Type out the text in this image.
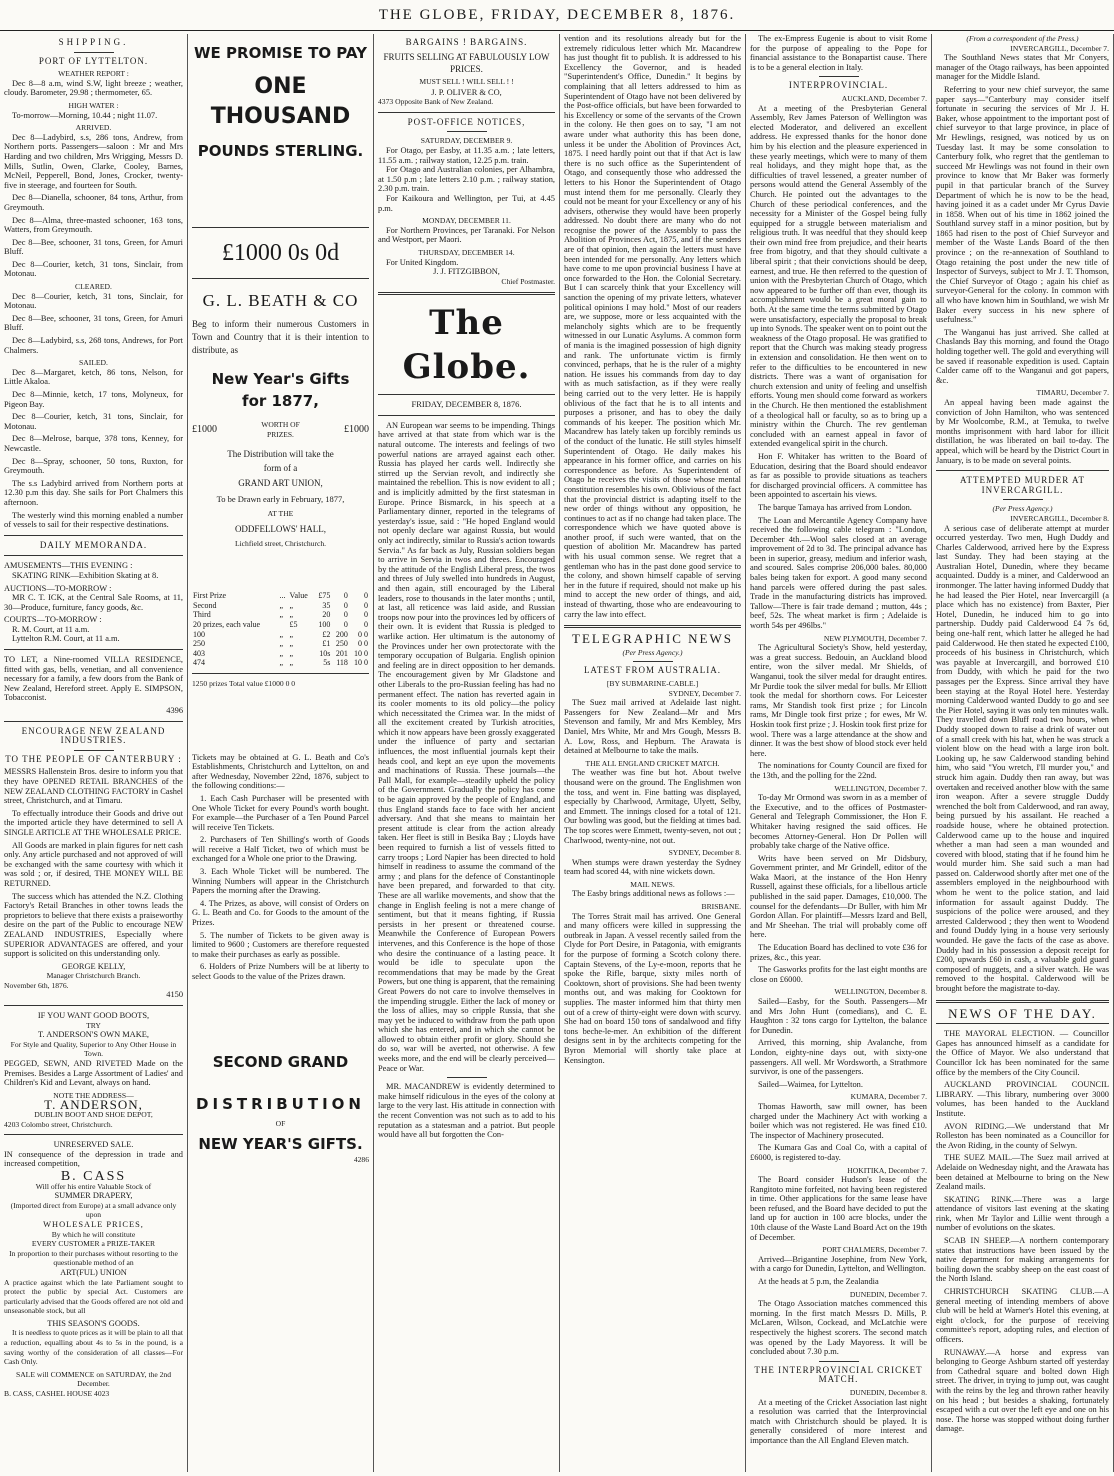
THE GLOBE, FRIDAY, DECEMBER 8, 1876.
SHIPPING.
PORT OF LYTTELTON.
WEATHER REPORT :

Dec 8—8 a.m, wind S.W, light breeze ; weather, cloudy. Barometer, 29.98 ; thermometer, 65.

HIGH WATER :

To-morrow—Morning, 10.44 ; night 11.07.

ARRIVED.

Dec 8—Ladybird, s.s, 286 tons, Andrew, from Northern ports. Passengers—saloon : Mr and Mrs Harding and two children, Mrs Wrigging, Messrs D. Mills, Sutlin, Owen, Clarke, Cooley, Barnes, McNeil, Pepperell, Bond, Jones, Crocker, twenty-five in steerage, and fourteen for South.

Dec 8—Dianella, schooner, 84 tons, Arthur, from Greymouth.

Dec 8—Alma, three-masted schooner, 163 tons, Watters, from Greymouth.

Dec 8—Bee, schooner, 31 tons, Green, for Amuri Bluff.

Dec 8—Courier, ketch, 31 tons, Sinclair, from Motonau.

CLEARED.

Dec 8—Courier, ketch, 31 tons, Sinclair, for Motonau.

Dec 8—Bee, schooner, 31 tons, Green, for Amuri Bluff.

Dec 8—Ladybird, s.s, 268 tons, Andrews, for Port Chalmers.

SAILED.

Dec 8—Margaret, ketch, 86 tons, Nelson, for Little Akaloa.

Dec 8—Minnie, ketch, 17 tons, Molyneux, for Pigeon Bay.

Dec 8—Courier, ketch, 31 tons, Sinclair, for Motonau.

Dec 8—Melrose, barque, 378 tons, Kenney, for Newcastle.

Dec 8—Spray, schooner, 50 tons, Ruxton, for Greymouth.

The s.s Ladybird arrived from Northern ports at 12.30 p.m this day. She sails for Port Chalmers this afternoon.

The westerly wind this morning enabled a number of vessels to sail for their respective destinations.

DAILY MEMORANDA.
AMUSEMENTS—THIS EVENING :

SKATING RINK—Exhibition Skating at 8.

AUCTIONS—TO-MORROW :

MR C. T. ICK, at the Central Sale Rooms, at 11, 30—Produce, furniture, fancy goods, &c.

COURTS—TO-MORROW :

R. M. Court, at 11 a.m.

Lyttelton R.M. Court, at 11 a.m.

TO LET, a Nine-roomed VILLA RESIDENCE, fitted with gas, bells, venetian, and all convenience necessary for a family, a few doors from the Bank of New Zealand, Hereford street. Apply E. SIMPSON, Tobacconist.

4396
ENCOURAGE NEW ZEALAND INDUSTRIES.
TO THE PEOPLE OF CANTERBURY :

MESSRS Hallenstein Bros. desire to inform you that they have OPENED RETAIL BRANCHES of the NEW ZEALAND CLOTHING FACTORY in Cashel street, Christchurch, and at Timaru.

To effectually introduce their Goods and drive out the imported article they have determined to sell A SINGLE ARTICLE AT THE WHOLESALE PRICE.

All Goods are marked in plain figures for nett cash only. Any article purchased and not approved of will be exchanged with the same courtesy with which it was sold ; or, if desired, THE MONEY WILL BE RETURNED.

The success which has attended the N.Z. Clothing Factory's Retail Branches in other towns leads the proprietors to believe that there exists a praiseworthy desire on the part of the Public to encourage NEW ZEALAND INDUSTRIES, Especially where SUPERIOR ADVANTAGES are offered, and your support is solicited on this understanding only.

GEORGE KELLY,
Manager Christchurch Branch.
November 6th, 1876.
4150
IF YOU WANT GOOD BOOTS,
TRY
T. ANDERSON'S OWN MAKE,
For Style and Quality, Superior to Any Other House in Town.

PEGGED, SEWN, AND RIVETED Made on the Premises. Besides a Large Assortment of Ladies' and Children's Kid and Levant, always on hand.

NOTE THE ADDRESS—
T. ANDERSON,
DUBLIN BOOT AND SHOE DEPOT,
4203 Colombo street, Christchurch.
UNRESERVED SALE.

IN consequence of the depression in trade and increased competition,

B. CASS
Will offer his entire Valuable Stock of
SUMMER DRAPERY,
(Imported direct from Europe) at a small advance only upon
WHOLESALE PRICES,
By which he will constitute
EVERY CUSTOMER a PRIZE-TAKER
In proportion to their purchases without resorting to the questionable method of an
ART(FUL) UNION

A practice against which the late Parliament sought to protect the public by special Act. Customers are particularly advised that the Goods offered are not old and unseasonable stock, but all

THIS SEASON'S GOODS.

It is needless to quote prices as it will be plain to all that a reduction, equalling about 4s to 5s in the pound, is a saving worthy of the consideration of all classes—For Cash Only.

SALE will COMMENCE on SATURDAY, the 2nd December.
B. CASS, CASHEL HOUSE 4023
WE PROMISE TO PAY
ONE THOUSAND
POUNDS STERLING.
£1000 0s 0d
G. L. BEATH & CO

Beg to inform their numerous Customers in Town and Country that it is their intention to distribute, as

New Year's Gifts
for 1877,
£1000	WORTH OF PRIZES.	£1000
The Distribution will take the
form of a
GRAND ART UNION,
To be Drawn early in February, 1877,
AT THE
ODDFELLOWS' HALL,
Lichfield street, Christchurch.
First Prize	...	Value	£75	0	0
Second	„	„	35	0	0
Third	„	„	20	0	0
20 prizes, each value		£5	100	0	0
100	„	„	£2	200	0 0
250	„	„	£1	250	0 0
403	„	„	10s	201	10 0
474	„	„	5s	118	10 0
1250 prizes Total value £1000 0 0

Tickets may be obtained at G. L. Beath and Co's Establishments, Christchurch and Lyttelton, on and after Wednesday, November 22nd, 1876, subject to the following conditions:—

1. Each Cash Purchaser will be presented with One Whole Ticket for every Pound's worth bought. For example—the Purchaser of a Ten Pound Parcel will receive Ten Tickets.

2. Purchasers of Ten Shilling's worth of Goods will receive a Half Ticket, two of which must be exchanged for a Whole one prior to the Drawing.

3. Each Whole Ticket will be numbered. The Winning Numbers will appear in the Christchurch Papers the morning after the Drawing.

4. The Prizes, as above, will consist of Orders on G. L. Beath and Co. for Goods to the amount of the Prizes.

5. The number of Tickets to be given away is limited to 9600 ; Customers are therefore requested to make their purchases as early as possible.

6. Holders of Prize Numbers will be at liberty to select Goods to the value of the Prizes drawn.

SECOND GRAND
DISTRIBUTION
OF
NEW YEAR'S GIFTS.
4286
BARGAINS ! BARGAINS.
FRUITS SELLING AT FABULOUSLY LOW PRICES.
MUST SELL ! WILL SELL ! !
J. P. OLIVER & CO,
4373 Opposite Bank of New Zealand.
POST-OFFICE NOTICES,
SATURDAY, DECEMBER 9.

For Otago, per Easby, at 11.35 a.m. ; late letters, 11.55 a.m. ; railway station, 12.25 p.m. train.

For Otago and Australian colonies, per Alhambra, at 1.50 p.m ; late letters 2.10 p.m. ; railway station, 2.30 p.m. train.

For Kaikoura and Wellington, per Tui, at 4.45 p.m.

MONDAY, DECEMBER 11.

For Northern Provinces, per Taranaki. For Nelson and Westport, per Maori.

THURSDAY, DECEMBER 14.

For United Kingdom.

J. J. FITZGIBBON,
Chief Postmaster.
The Globe.
FRIDAY, DECEMBER 8, 1876.

AN European war seems to be impending. Things have arrived at that state from which war is the natural outcome. The interests and feelings of two powerful nations are arrayed against each other. Russia has played her cards well. Indirectly she stirred up the Servian revolt, and indirectly she maintained the rebellion. This is now evident to all ; and is implicitly admitted by the first statesman in Europe. Prince Bismarck, in his speech at a Parliamentary dinner, reported in the telegrams of yesterday's issue, said : "He hoped England would not openly declare war against Russia, but would only act indirectly, similar to Russia's action towards Servia." As far back as July, Russian soldiers began to arrive in Servia in twos and threes. Encouraged by the attitude of the English Liberal press, the twos and threes of July swelled into hundreds in August, and then again, still encouraged by the Liberal leaders, rose to thousands in the later months ; until, at last, all reticence was laid aside, and Russian troops now pour into the provinces led by officers of their own. It is evident that Russia is pledged to warlike action. Her ultimatum is the autonomy of the Provinces under her own protectorate with the temporary occupation of Bulgaria. English opinion and feeling are in direct opposition to her demands. The encouragement given by Mr Gladstone and other Liberals to the pro-Russian feeling has had no permanent effect. The nation has reverted again in its cooler moments to its old policy—the policy which necessitated the Crimea war. In the midst of all the excitement created by Turkish atrocities, which it now appears have been grossly exaggerated under the influence of party and sectarian influences, the most influential journals kept their heads cool, and kept an eye upon the movements and machinations of Russia. These journals—the Pall Mall, for example—steadily upheld the policy of the Government. Gradually the policy has come to be again approved by the people of England, and thus England stands face to face with her ancient adversary. And that she means to maintain her present attitude is clear from the action already taken. Her fleet is still in Besika Bay ; Lloyds have been required to furnish a list of vessels fitted to carry troops ; Lord Napier has been directed to hold himself in readiness to assume the command of the army ; and plans for the defence of Constantinople have been prepared, and forwarded to that city. These are all warlike movements, and show that the change in English feeling is not a mere change of sentiment, but that it means fighting, if Russia persists in her present or threatened course. Meanwhile the Conference of European Powers intervenes, and this Conference is the hope of those who desire the continuance of a lasting peace. It would be idle to speculate upon the recommendations that may be made by the Great Powers, but one thing is apparent, that the remaining Great Powers do not care to involve themselves in the impending struggle. Either the lack of money or the loss of allies, may so cripple Russia, that she may yet be induced to withdraw from the path upon which she has entered, and in which she cannot be allowed to obtain either profit or glory. Should she do so, war will be averted, not otherwise. A few weeks more, and the end will be clearly perceived—Peace or War.

MR. MACANDREW is evidently determined to make himself ridiculous in the eyes of the colony at large to the very last. His attitude in connection with the recent Convention was not such as to add to his reputation as a statesman and a patriot. But people would have all but forgotten the Con-

vention and its resolutions already but for the extremely ridiculous letter which Mr. Macandrew has just thought fit to publish. It is addressed to his Excellency the Governor, and is headed "Superintendent's Office, Dunedin." It begins by complaining that all letters addressed to him as Superintendent of Otago have not been delivered by the Post-office officials, but have been forwarded to his Excellency or some of the servants of the Crown in the colony. He then goes on to say, "I am not aware under what authority this has been done, unless it be under the Abolition of Provinces Act, 1875. I need hardly point out that if that Act is law there is no such office as the Superintendent of Otago, and consequently those who addressed the letters to his Honor the Superintendent of Otago must intend them for me personally. Clearly they could not be meant for your Excellency or any of his advisers, otherwise they would have been properly addressed. No doubt there are many who do not recognise the power of the Assembly to pass the Abolition of Provinces Act, 1875, and if the senders are of that opinion, then again the letters must have been intended for me personally. Any letters which have come to me upon provincial business I have at once forwarded to the Hon. the Colonial Secretary. But I can scarcely think that your Excellency will sanction the opening of my private letters, whatever political opinions I may hold." Most of our readers are, we suppose, more or less acquainted with the melancholy sights which are to be frequently witnessed in our Lunatic Asylums. A common form of mania is the imagined possession of high dignity and rank. The unfortunate victim is firmly convinced, perhaps, that he is the ruler of a mighty nation. He issues his commands from day to day with as much satisfaction, as if they were really being carried out to the very letter. He is happily oblivious of the fact that he is to all intents and purposes a prisoner, and has to obey the daily commands of his keeper. The position which Mr. Macandrew has lately taken up forcibly reminds us of the conduct of the lunatic. He still styles himself Superintendent of Otago. He daily makes his appearance in his former office, and carries on his correspondence as before. As Superintendent of Otago he receives the visits of those whose mental constitution resembles his own. Oblivious of the fact that the provincial district is adapting itself to the new order of things without any opposition, he continues to act as if no change had taken place. The correspondence which we have quoted above is another proof, if such were wanted, that on the question of abolition Mr. Macandrew has parted with his usual common sense. We regret that a gentleman who has in the past done good service to the colony, and shown himself capable of serving her in the future if required, should not make up his mind to accept the new order of things, and aid, instead of thwarting, those who are endeavouring to carry the law into effect.

TELEGRAPHIC NEWS
(Per Press Agency.)
LATEST FROM AUSTRALIA.
[BY SUBMARINE-CABLE.]
SYDNEY, December 7.

The Suez mail arrived at Adelaide last night. Passengers for New Zealand—Mr and Mrs Stevenson and family, Mr and Mrs Kembley, Mrs Daniel, Mrs White, Mr and Mrs Gough, Messrs B. A. Low, Ross, and Hepburn. The Arawata is detained at Melbourne to take the mails.

THE ALL ENGLAND CRICKET MATCH.

The weather was fine but hot. About twelve thousand were on the ground. The Englishmen won the toss, and went in. Fine batting was displayed, especially by Charlwood, Armitage, Ulyett, Selby, and Emmett. The innings closed for a total of 121. Our bowling was good, but the fielding at times bad. The top scores were Emmett, twenty-seven, not out ; Charlwood, twenty-nine, not out.

SYDNEY, December 8.

When stumps were drawn yesterday the Sydney team had scored 44, with nine wickets down.

MAIL NEWS.

The Easby brings additional news as follows :—

BRISBANE.

The Torres Strait mail has arrived. One General and many officers were killed in suppressing the outbreak in Japan. A vessel recently sailed from the Clyde for Port Desire, in Patagonia, with emigrants for the purpose of forming a Scotch colony there. Captain Stevens, of the Ly-e-moon, reports that he spoke the Rifle, barque, sixty miles north of Cooktown, short of provisions. She had been twenty months out, and was making for Cooktown for supplies. The master informed him that thirty men out of a crew of thirty-eight were down with scurvy. She had on board 150 tons of sandalwood and fifty tons beche-le-mer. An exhibition of the different designs sent in by the architects competing for the Byron Memorial will shortly take place at Kensington.

The ex-Empress Eugenie is about to visit Rome for the purpose of appealing to the Pope for financial assistance to the Bonapartist cause. There is to be a general election in Italy.

INTERPROVINCIAL.
AUCKLAND, December 7.

At a meeting of the Presbyterian General Assembly, Rev James Paterson of Wellington was elected Moderator, and delivered an excellent address. He expressed thanks for the honor done him by his election and the pleasure experienced in these yearly meetings, which were to many of them real holidays, and they might hope that, as the difficulties of travel lessened, a greater number of persons would attend the General Assembly of the Church. He pointed out the advantages to the Church of these periodical conferences, and the necessity for a Minister of the Gospel being fully equipped for a struggle between materialism and religious truth. It was needful that they should keep their own mind free from prejudice, and their hearts free from bigotry, and that they should cultivate a liberal spirit ; that their convictions should be deep, earnest, and true. He then referred to the question of union with the Presbyterian Church of Otago, which now appeared to be further off than ever, though its accomplishment would be a great moral gain to both. At the same time the terms submitted by Otago were unsatisfactory, especially the proposal to break up into Synods. The speaker went on to point out the weakness of the Otago proposal. He was gratified to report that the Church was making steady progress in extension and consolidation. He then went on to refer to the difficulties to be encountered in new districts. There was a want of organisation for church extension and unity of feeling and unselfish efforts. Young men should come forward as workers in the Church. He then mentioned the establishment of a theological hall or faculty, so as to bring up a ministry within the Church. The rev gentleman concluded with an earnest appeal in favor of extended evangelical spirit in the church.

Hon F. Whitaker has written to the Board of Education, desiring that the Board should endeavor as far as possible to provide situations as teachers for discharged provincial officers. A committee has been appointed to ascertain his views.

The barque Tamaya has arrived from London.

The Loan and Mercantile Agency Company have received the following cable telegram : "London, December 4th.—Wool sales closed at an average improvement of 2d to 3d. The principal advance has been in superior, greasy, medium and inferior wash, and scoured. Sales comprise 206,000 bales. 80,000 bales being taken for export. A good many second hand parcels were offered during the past sales. Trade in the manufacturing districts has improved. Tallow—There is fair trade demand ; mutton, 44s ; beef, 52s. The wheat market is firm ; Adelaide is worth 54s per 496lbs."

NEW PLYMOUTH, December 7.

The Agricultural Society's Show, held yesterday, was a great success. Bedouin, an Auckland blood entire, won the silver medal. Mr Shields, of Wanganui, took the silver medal for draught entires. Mr Purdie took the silver medal for bulls. Mr Elliott took the medal for shorthorn cows. For Leicester rams, Mr Standish took first prize ; for Lincoln rams, Mr Dingle took first prize ; for ewes, Mr W. Hoskin took first prize ; J. Hoskin took first prize for wool. There was a large attendance at the show and dinner. It was the best show of blood stock ever held here.

The nominations for County Council are fixed for the 13th, and the polling for the 22nd.

WELLINGTON, December 7.

To-day Mr Ormond was sworn in as a member of the Executive, and to the offices of Postmaster-General and Telegraph Commissioner, the Hon F. Whitaker having resigned the said offices. He becomes Attorney-General. Hon Dr Pollen will probably take charge of the Native office.

Writs have been served on Mr Didsbury, Government printer, and Mr Grindell, editor of the Waka Maori, at the instance of the Hon Henry Russell, against these officials, for a libellous article published in the said paper. Damages, £10,000. The counsel for the defendants—Dr Buller, with him Mr Gordon Allan. For plaintiff—Messrs Izard and Bell, and Mr Sheehan. The trial will probably come off here.

The Education Board has declined to vote £36 for prizes, &c., this year.

The Gasworks profits for the last eight months are close on £6000.

WELLINGTON, December 8.

Sailed—Easby, for the South. Passengers—Mr and Mrs John Hunt (comedians), and C. E. Haughton : 32 tons cargo for Lyttelton, the balance for Dunedin.

Arrived, this morning, ship Avalanche, from London, eighty-nine days out, with sixty-one passengers. All well. Mr Wordsworth, a Strathmore survivor, is one of the passengers.

Sailed—Waimea, for Lyttelton.

KUMARA, December 7.

Thomas Haworth, saw mill owner, has been charged under the Machinery Act with working a boiler which was not registered. He was fined £10. The inspector of Machinery prosecuted.

The Kumara Gas and Coal Co, with a capital of £6000, is registered to-day.

HOKITIKA, December 7.

The Board consider Hudson's lease of the Rangitoto mine forfeited, not having been registered in time. Other applications for the same lease have been refused, and the Board have decided to put the land up for auction in 100 acre blocks, under the 10th clause of the Waste Land Board Act on the 19th of December.

PORT CHALMERS, December 7.

Arrived—Brigantine Josephine, from New York, with a cargo for Dunedin, Lyttelton, and Wellington.

At the heads at 5 p.m, the Zealandia

DUNEDIN, December 7.

The Otago Association matches commenced this morning. In the first match Messrs D. Mills, P. McLaren, Wilson, Cockead, and McLatchie were respectively the highest scorers. The second match was opened by the Lady Mayoress. It will be concluded about 7.30 p.m.

THE INTERPROVINCIAL CRICKET MATCH.
DUNEDIN, December 8.

At a meeting of the Cricket Association last night a resolution was carried that the Interprovincial match with Christchurch should be played. It is generally considered of more interest and importance than the All England Eleven match.

(From a correspondent of the Press.)
INVERCARGILL, December 7.

The Southland News states that Mr Conyers, manager of the Otago railways, has been appointed manager for the Middle Island.

Referring to your new chief surveyor, the same paper says—"Canterbury may consider itself fortunate in securing the services of Mr J. H. Baker, whose appointment to the important post of chief surveyor to that large province, in place of Mr Hewlings, resigned, was noticed by us on Tuesday last. It may be some consolation to Canterbury folk, who regret that the gentleman to succeed Mr Hewlings was not found in their own province to know that Mr Baker was formerly pupil in that particular branch of the Survey Department of which he is now to be the head, having joined it as a cadet under Mr Cyrus Davie in 1858. When out of his time in 1862 joined the Southland survey staff in a minor position, but by 1865 had risen to the post of Chief Surveyor and member of the Waste Lands Board of the then province ; on the re-annexation of Southland to Otago retaining the post under the new title of Inspector of Surveys, subject to Mr J. T. Thomson, the Chief Surveyor of Otago ; again his chief as surveyor-General for the colony. In common with all who have known him in Southland, we wish Mr Baker every success in his new sphere of usefulness."

The Wanganui has just arrived. She called at Chaslands Bay this morning, and found the Otago holding together well. The gold and everything will be saved if reasonable expedition is used. Captain Calder came off to the Wanganui and got papers, &c.

TIMARU, December 7.

An appeal having been made against the conviction of John Hamilton, who was sentenced by Mr Woolcombe, R.M., at Temuka, to twelve months imprisonment with hard labor for illicit distillation, he was liberated on bail to-day. The appeal, which will be heard by the District Court in January, is to be made on several points.

ATTEMPTED MURDER AT INVERCARGILL.
(Per Press Agency.)
INVERCARGILL, December 8.

A serious case of deliberate attempt at murder occurred yesterday. Two men, Hugh Duddy and Charles Calderwood, arrived here by the Express last Sunday. They had been staying at the Australian Hotel, Dunedin, where they became acquainted. Duddy is a miner, and Calderwood an ironmonger. The latter having informed Duddy that he had leased the Pier Hotel, near Invercargill (a place which has no existence) from Baxter, Pier Hotel, Dunedin, he induced him to go into partnership. Duddy paid Calderwood £4 7s 6d, being one-half rent, which latter he alleged he had paid Calderwood. He then stated he expected £100, proceeds of his business in Christchurch, which was payable at Invercargill, and borrowed £10 from Duddy, with which he paid for the two passages per the Express. Since arrival they have been staying at the Royal Hotel here. Yesterday morning Calderwood wanted Duddy to go and see the Pier Hotel, saying it was only ten minutes walk. They travelled down Bluff road two hours, when Duddy stooped down to raise a drink of water out of a small creek with his hat, when he was struck a violent blow on the head with a large iron bolt. Looking up, he saw Calderwood standing behind him, who said "You wretch, I'll murder you," and struck him again. Duddy then ran away, but was overtaken and received another blow with the same iron weapon. After a severe struggle Duddy wrenched the bolt from Calderwood, and ran away, being pursued by his assailant. He reached a roadside house, where he obtained protection. Calderwood came up to the house and inquired whether a man had seen a man wounded and covered with blood, stating that if he found him he would murder him. She said such a man had passed on. Calderwood shortly after met one of the assemblers employed in the neighbourhood with whom he went to the police station, and laid information for assault against Duddy. The suspicions of the police were aroused, and they arrested Calderwood ; they then went to Woodend and found Duddy lying in a house very seriously wounded. He gave the facts of the case as above. Duddy had in his possession a deposit receipt for £200, upwards £60 in cash, a valuable gold guard composed of nuggets, and a silver watch. He was removed to the hospital. Calderwood will be brought before the magistrate to-day.

NEWS OF THE DAY.

THE MAYORAL ELECTION. — Councillor Gapes has announced himself as a candidate for the Office of Mayor. We also understand that Councillor Ick has been nominated for the same office by the members of the City Council.

AUCKLAND PROVINCIAL COUNCIL LIBRARY. —This library, numbering over 3000 volumes, has been handed to the Auckland Institute.

AVON RIDING.—We understand that Mr Rolleston has been nominated as a Councillor for the Avon Riding, in the county of Selwyn.

THE SUEZ MAIL.—The Suez mail arrived at Adelaide on Wednesday night, and the Arawata has been detained at Melbourne to bring on the New Zealand mails.

SKATING RINK.—There was a large attendance of visitors last evening at the skating rink, when Mr Taylor and Lillie went through a number of evolutions on the skates.

SCAB IN SHEEP.—A northern contemporary states that instructions have been issued by the native department for making arrangements for boiling down the scabby sheep on the east coast of the North Island.

CHRISTCHURCH SKATING CLUB.—A general meeting of intending members of above club will be held at Warner's Hotel this evening, at eight o'clock, for the purpose of receiving committee's report, adopting rules, and election of officers.

RUNAWAY.—A horse and express van belonging to George Ashburn started off yesterday from Cathedral square and bolted down High street. The driver, in trying to jump out, was caught with the reins by the leg and thrown rather heavily on his head ; but besides a shaking, fortunately escaped with a cut over the left eye and one on his nose. The horse was stopped without doing further damage.
